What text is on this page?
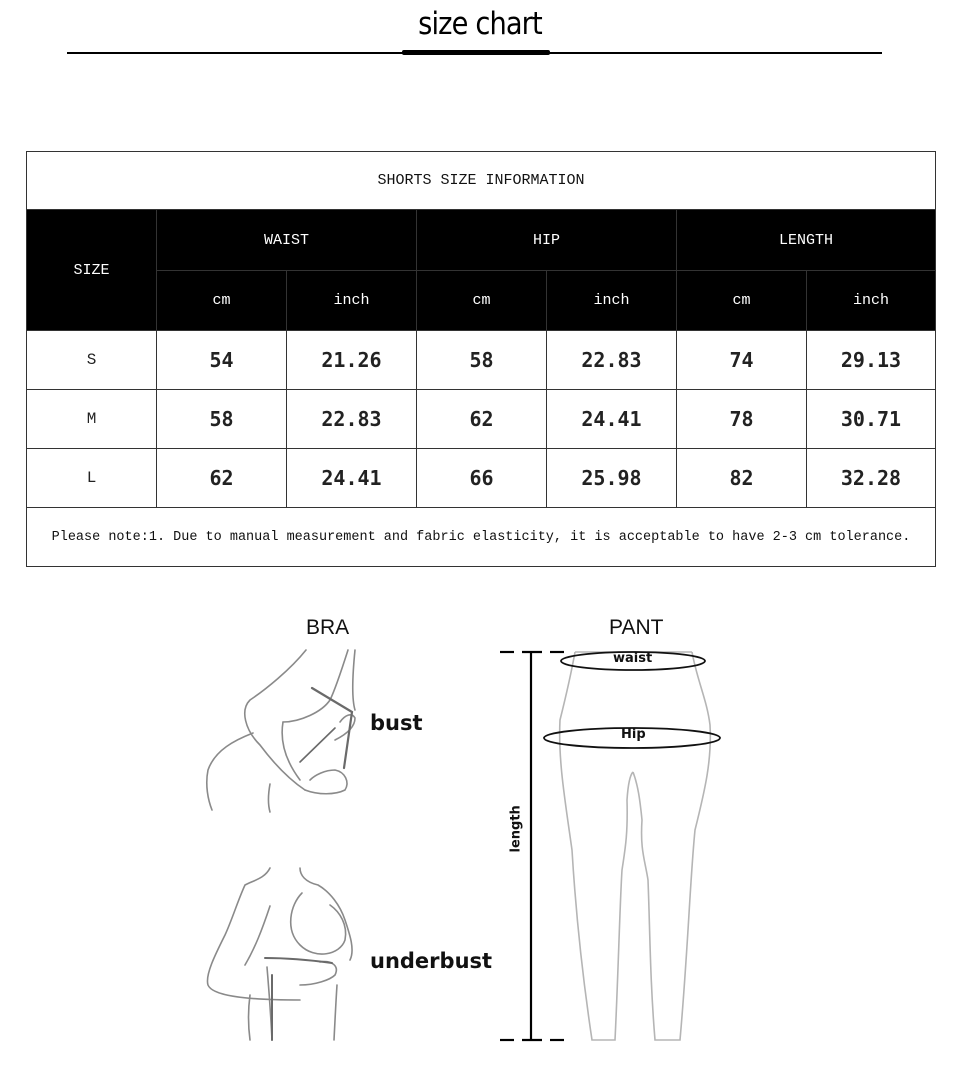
size chart
SHORTS SIZE INFORMATION						
SIZE	WAIST		HIP		LENGTH	
	cm	inch	cm	inch	cm	inch
S	54	21.26	58	22.83	74	29.13
M	58	22.83	62	24.41	78	30.71
L	62	24.41	66	25.98	82	32.28
Please note:1. Due to manual measurement and fabric elasticity, it is acceptable to have 2-3 cm tolerance.						
BRA	PANT
bust
underbust
waist
Hip
length
